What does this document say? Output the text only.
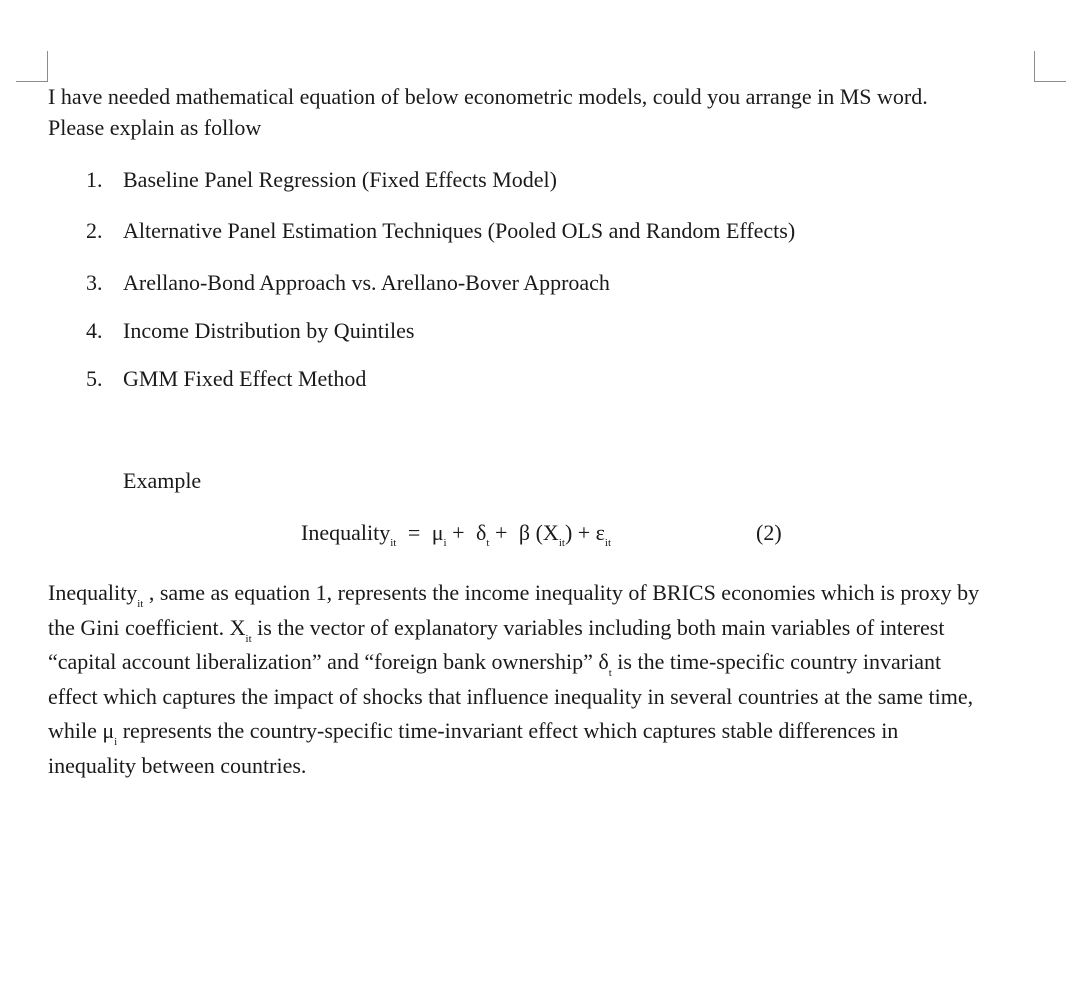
I have needed mathematical equation of below econometric models, could you arrange in MS word.
Please explain as follow
1. Baseline Panel Regression (Fixed Effects Model)
2. Alternative Panel Estimation Techniques (Pooled OLS and Random Effects)
3. Arellano-Bond Approach vs. Arellano-Bover Approach
4. Income Distribution by Quintiles
5. GMM Fixed Effect Method
Example
Inequality$_{it}$ = $\mu_i + \delta_t + \beta$ $(X_{it}) + \varepsilon_{it}$	(2)
Inequality$_{it}$ , same as equation 1, represents the income inequality of BRICS economies which is proxy by
the Gini coefficient. $X_{it}$ is the vector of explanatory variables including both main variables of interest
“capital account liberalization” and “foreign bank ownership” $\delta_t$ is the time-specific country invariant
effect which captures the impact of shocks that influence inequality in several countries at the same time,
while $\mu_i$ represents the country-specific time-invariant effect which captures stable differences in
inequality between countries.
